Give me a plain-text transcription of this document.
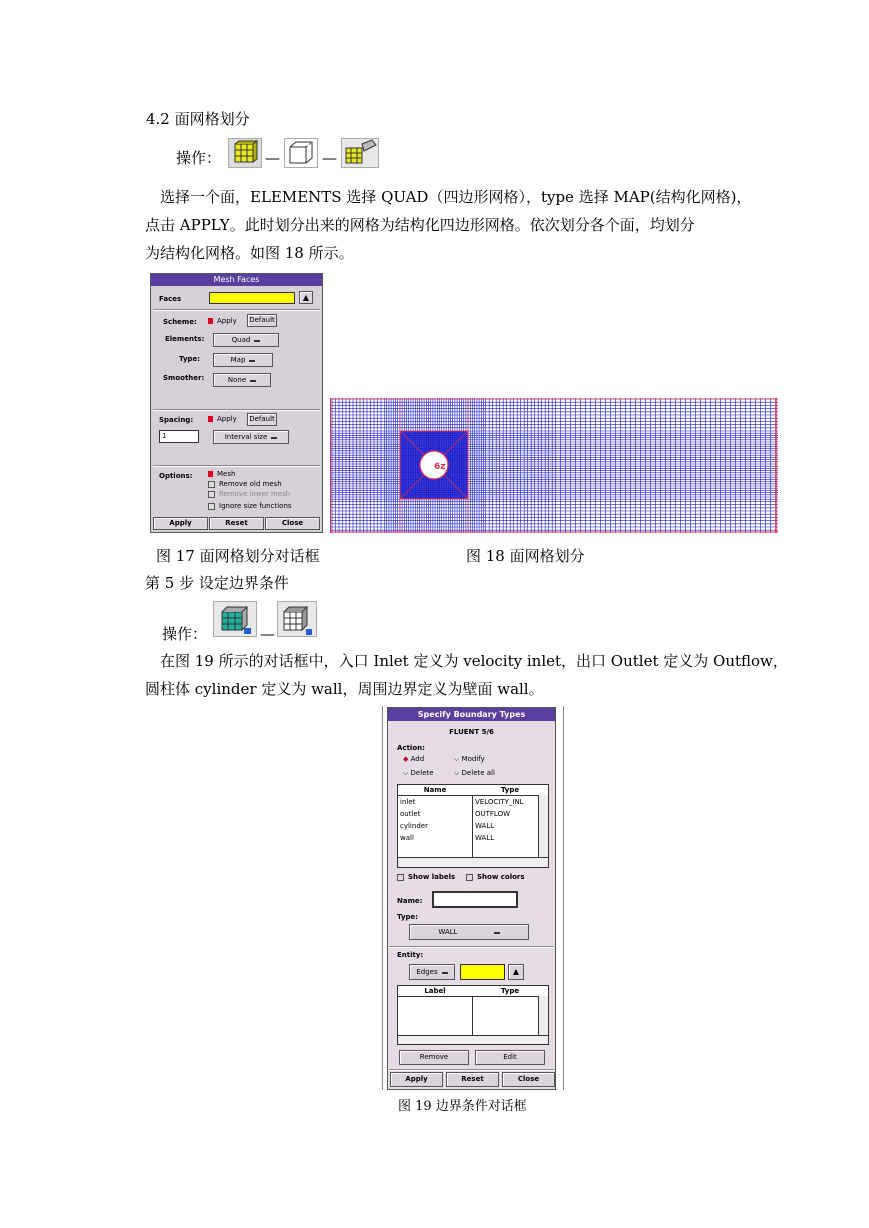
4.2 面网格划分
操作：	—	—
选择一个面，ELEMENTS 选择 QUAD（四边形网格），type 选择 MAP(结构化网格)，
点击 APPLY。此时划分出来的网格为结构化四边形网格。依次划分各个面，均划分
为结构化网格。如图 18 所示。
Mesh Faces
Faces	▲
Scheme:	Apply	Default
Elements:	Quad
Type:	Map
Smoother:	None
Spacing:	Apply	Default
1	Interval size
Options:	Mesh
Remove old mesh
Remove lower mesh
Ignore size functions
Apply	Reset	Close
6z
图 17 面网格划分对话框	图 18 面网格划分
第 5 步 设定边界条件
操作：	—
在图 19 所示的对话框中，入口 Inlet 定义为 velocity inlet，出口 Outlet 定义为 Outflow，
圆柱体 cylinder 定义为 wall，周围边界定义为壁面 wall。
Specify Boundary Types
FLUENT 5/6
Action:
◆ Add	⌵ Modify
⌵ Delete	⌵ Delete all
Name	Type
inlet	VELOCITY_INL
outlet	OUTFLOW
cylinder	WALL
wall	WALL
Show labels	Show colors
Name:
Type:
WALL
Entity:
Edges	▲
Label	Type
Remove	Edit
Apply	Reset	Close
图 19 边界条件对话框
